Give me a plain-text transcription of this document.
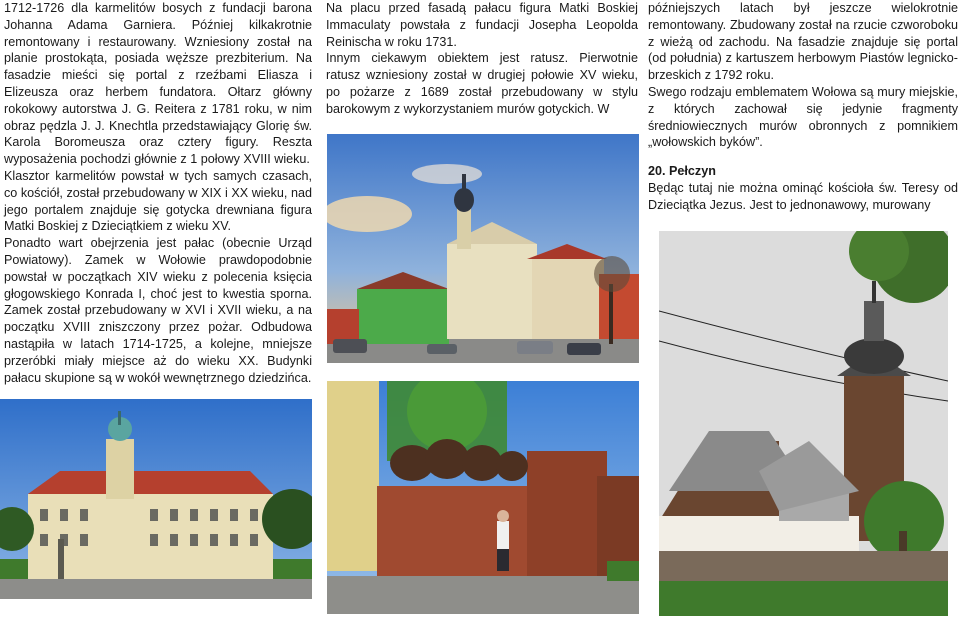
1712-1726 dla karmelitów bosych z fundacji barona Johanna Adama Garniera. Później kilkakrotnie remontowany i restaurowany. Wzniesiony został na planie prostokąta, posiada węższe prezbiterium. Na fasadzie mieści się portal z rzeźbami Eliasza i Elizeusza oraz herbem fundatora. Ołtarz główny rokokowy autorstwa J. G. Reitera z 1781 roku, w nim obraz pędzla J. J. Knechtla przedstawiający Glorię św. Karola Boromeusza oraz cztery figury. Reszta wyposażenia pochodzi głównie z 1 połowy XVIII wieku.

Klasztor karmelitów powstał w tych samych czasach, co kościół, został przebudowany w XIX i XX wieku, nad jego portalem znajduje się gotycka drewniana figura Matki Boskiej z Dzieciątkiem z wieku XV.

Ponadto wart obejrzenia jest pałac (obecnie Urząd Powiatowy). Zamek w Wołowie prawdopodobnie powstał w początkach XIV wieku z polecenia księcia głogowskiego Konrada I, choć jest to kwestia sporna. Zamek został przebudowany w XVI i XVII wieku, a na początku XVIII zniszczony przez pożar. Odbudowa nastąpiła w latach 1714-1725, a kolejne, mniejsze przeróbki miały miejsce aż do wieku XX. Budynki pałacu skupione są w wokół wewnętrznego dziedzińca.

Na placu przed fasadą pałacu figura Matki Boskiej Immaculaty powstała z fundacji Josepha Leopolda Reinischa w roku 1731.

Innym ciekawym obiektem jest ratusz. Pierwotnie ratusz wzniesiony został w drugiej połowie XV wieku, po pożarze z 1689 został przebudowany w stylu barokowym z wykorzystaniem murów gotyckich. W

późniejszych latach był jeszcze wielokrotnie remontowany. Zbudowany został na rzucie czworoboku z wieżą od zachodu. Na fasadzie znajduje się portal (od południa) z kartuszem herbowym Piastów legnicko-brzeskich z 1792 roku.

Swego rodzaju emblematem Wołowa są mury miejskie, z których zachował się jedynie fragmenty średniowiecznych murów obronnych z pomnikiem „wołowskich byków”.

20. Pełczyn

Będąc tutaj nie można ominąć kościoła św. Teresy od Dzieciątka Jezus. Jest to jednonawowy, murowany
